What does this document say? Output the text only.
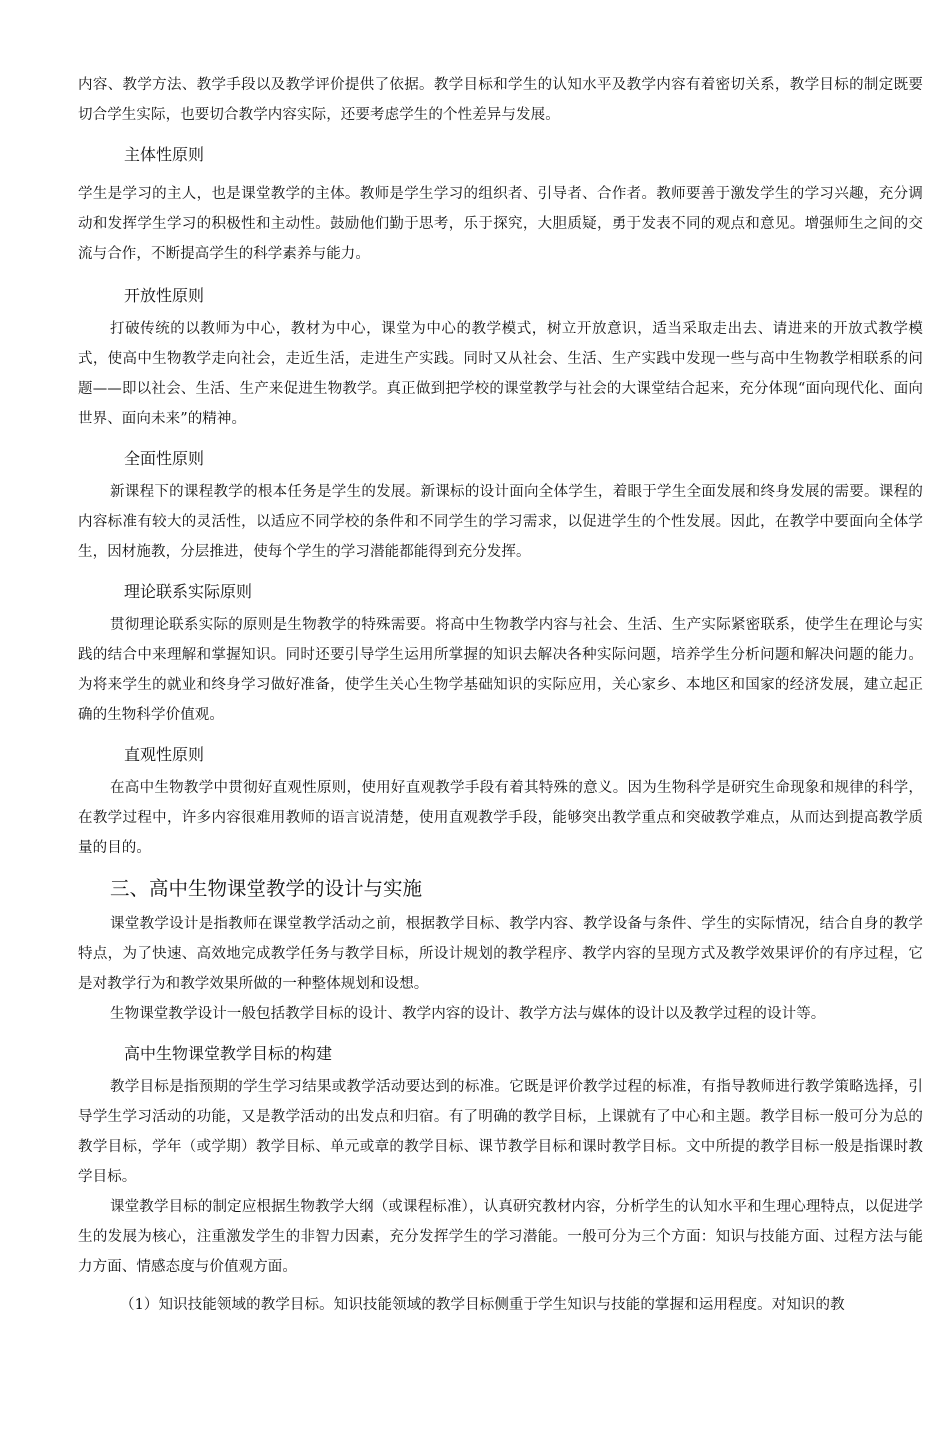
内容、教学方法、教学手段以及教学评价提供了依据。教学目标和学生的认知水平及教学内容有着密切关系，教学目标的制定既要切合学生实际，也要切合教学内容实际，还要考虑学生的个性差异与发展。

主体性原则

学生是学习的主人，也是课堂教学的主体。教师是学生学习的组织者、引导者、合作者。教师要善于激发学生的学习兴趣，充分调动和发挥学生学习的积极性和主动性。鼓励他们勤于思考，乐于探究，大胆质疑，勇于发表不同的观点和意见。增强师生之间的交流与合作，不断提高学生的科学素养与能力。

开放性原则

打破传统的以教师为中心，教材为中心，课堂为中心的教学模式，树立开放意识，适当采取走出去、请进来的开放式教学模式，使高中生物教学走向社会，走近生活，走进生产实践。同时又从社会、生活、生产实践中发现一些与高中生物教学相联系的问题——即以社会、生活、生产来促进生物教学。真正做到把学校的课堂教学与社会的大课堂结合起来，充分体现“面向现代化、面向世界、面向未来”的精神。

全面性原则

新课程下的课程教学的根本任务是学生的发展。新课标的设计面向全体学生，着眼于学生全面发展和终身发展的需要。课程的内容标准有较大的灵活性，以适应不同学校的条件和不同学生的学习需求，以促进学生的个性发展。因此，在教学中要面向全体学生，因材施教，分层推进，使每个学生的学习潜能都能得到充分发挥。

理论联系实际原则

贯彻理论联系实际的原则是生物教学的特殊需要。将高中生物教学内容与社会、生活、生产实际紧密联系，使学生在理论与实践的结合中来理解和掌握知识。同时还要引导学生运用所掌握的知识去解决各种实际问题，培养学生分析问题和解决问题的能力。为将来学生的就业和终身学习做好准备，使学生关心生物学基础知识的实际应用，关心家乡、本地区和国家的经济发展，建立起正确的生物科学价值观。

直观性原则

在高中生物教学中贯彻好直观性原则，使用好直观教学手段有着其特殊的意义。因为生物科学是研究生命现象和规律的科学，在教学过程中，许多内容很难用教师的语言说清楚，使用直观教学手段，能够突出教学重点和突破教学难点，从而达到提高教学质量的目的。

三、高中生物课堂教学的设计与实施

课堂教学设计是指教师在课堂教学活动之前，根据教学目标、教学内容、教学设备与条件、学生的实际情况，结合自身的教学特点，为了快速、高效地完成教学任务与教学目标，所设计规划的教学程序、教学内容的呈现方式及教学效果评价的有序过程，它是对教学行为和教学效果所做的一种整体规划和设想。

生物课堂教学设计一般包括教学目标的设计、教学内容的设计、教学方法与媒体的设计以及教学过程的设计等。

高中生物课堂教学目标的构建

教学目标是指预期的学生学习结果或教学活动要达到的标准。它既是评价教学过程的标准，有指导教师进行教学策略选择，引导学生学习活动的功能，又是教学活动的出发点和归宿。有了明确的教学目标，上课就有了中心和主题。教学目标一般可分为总的教学目标，学年（或学期）教学目标、单元或章的教学目标、课节教学目标和课时教学目标。文中所提的教学目标一般是指课时教学目标。

课堂教学目标的制定应根据生物教学大纲（或课程标准），认真研究教材内容，分析学生的认知水平和生理心理特点，以促进学生的发展为核心，注重激发学生的非智力因素，充分发挥学生的学习潜能。一般可分为三个方面：知识与技能方面、过程方法与能力方面、情感态度与价值观方面。

（1）知识技能领域的教学目标。知识技能领域的教学目标侧重于学生知识与技能的掌握和运用程度。对知识的教
